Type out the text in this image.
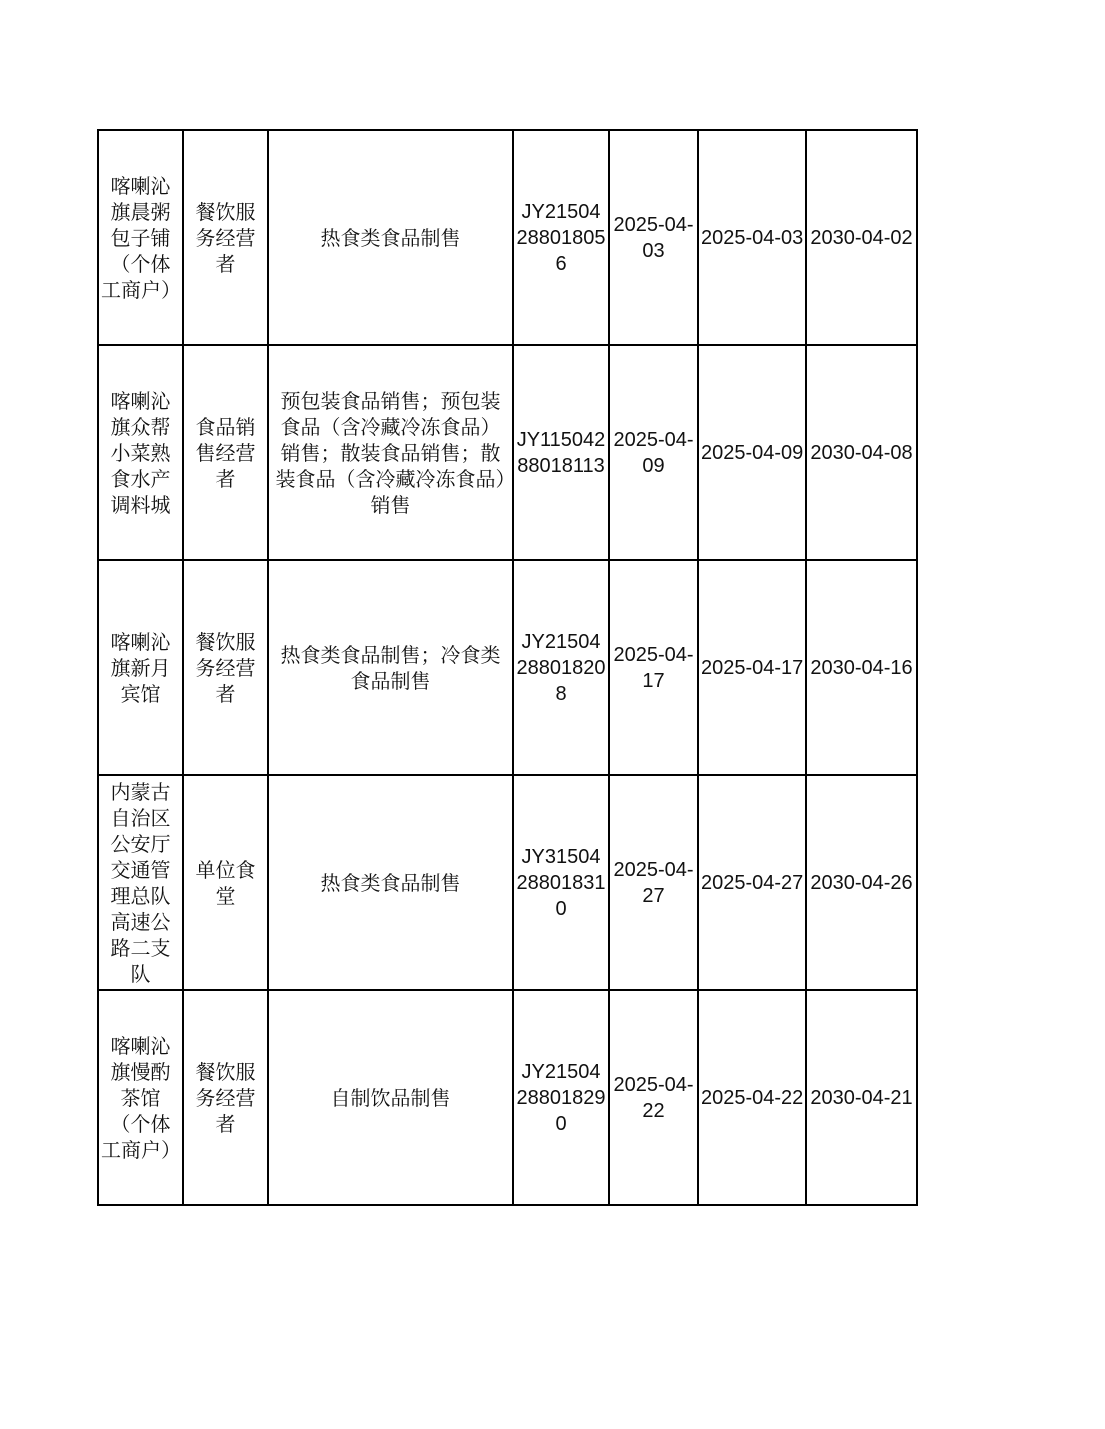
喀喇沁旗晨粥包子铺（个体工商户）	餐饮服务经营者	热食类食品制售	JY21504288018056	2025-04-03	2025-04-03	2030-04-02
喀喇沁旗众帮小菜熟食水产调料城	食品销售经营者	预包装食品销售；预包装食品（含冷藏冷冻食品）销售；散装食品销售；散装食品（含冷藏冷冻食品）销售	JY11504288018113	2025-04-09	2025-04-09	2030-04-08
喀喇沁旗新月宾馆	餐饮服务经营者	热食类食品制售；冷食类食品制售	JY21504288018208	2025-04-17	2025-04-17	2030-04-16
内蒙古自治区公安厅交通管理总队高速公路二支队	单位食堂	热食类食品制售	JY31504288018310	2025-04-27	2025-04-27	2030-04-26
喀喇沁旗慢酌茶馆（个体工商户）	餐饮服务经营者	自制饮品制售	JY21504288018290	2025-04-22	2025-04-22	2030-04-21
